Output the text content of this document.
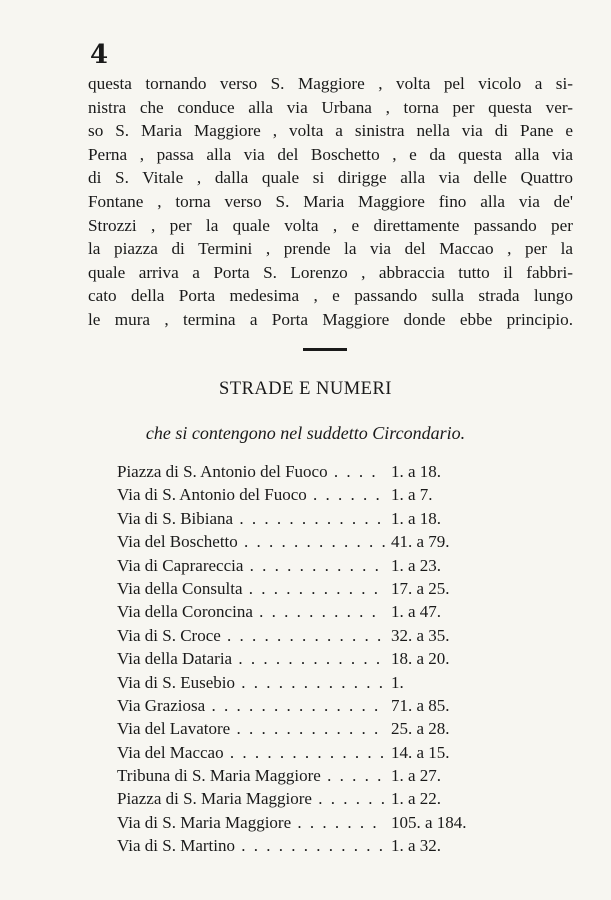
4
questa tornando verso S. Maggiore , volta pel vicolo a si-
nistra che conduce alla via Urbana , torna per questa ver-
so S. Maria Maggiore , volta a sinistra nella via di Pane e
Perna , passa alla via del Boschetto , e da questa alla via
di S. Vitale , dalla quale si dirigge alla via delle Quattro
Fontane , torna verso S. Maria Maggiore fino alla via de'
Strozzi , per la quale volta , e direttamente passando per
la piazza di Termini , prende la via del Maccao , per la
quale arriva a Porta S. Lorenzo , abbraccia tutto il fabbri-
cato della Porta medesima , e passando sulla strada lungo
le mura , termina a Porta Maggiore donde ebbe principio.
STRADE E NUMERI
che si contengono nel suddetto Circondario.
Piazza di S. Antonio del Fuoco . . .	1. a 18.
Via di S. Antonio del Fuoco . . .	1. a 7.
Via di S. Bibiana . . .	1. a 18.
Via del Boschetto . . .	41. a 79.
Via di Caprareccia . . .	1. a 23.
Via della Consulta . . .	17. a 25.
Via della Coroncina . . .	1. a 47.
Via di S. Croce . . .	32. a 35.
Via della Dataria . . .	18. a 20.
Via di S. Eusebio . . .	1.
Via Graziosa . . .	71. a 85.
Via del Lavatore . . .	25. a 28.
Via del Maccao . . .	14. a 15.
Tribuna di S. Maria Maggiore . . .	1. a 27.
Piazza di S. Maria Maggiore . . .	1. a 22.
Via di S. Maria Maggiore . . .	105. a 184.
Via di S. Martino . . .	1. a 32.
